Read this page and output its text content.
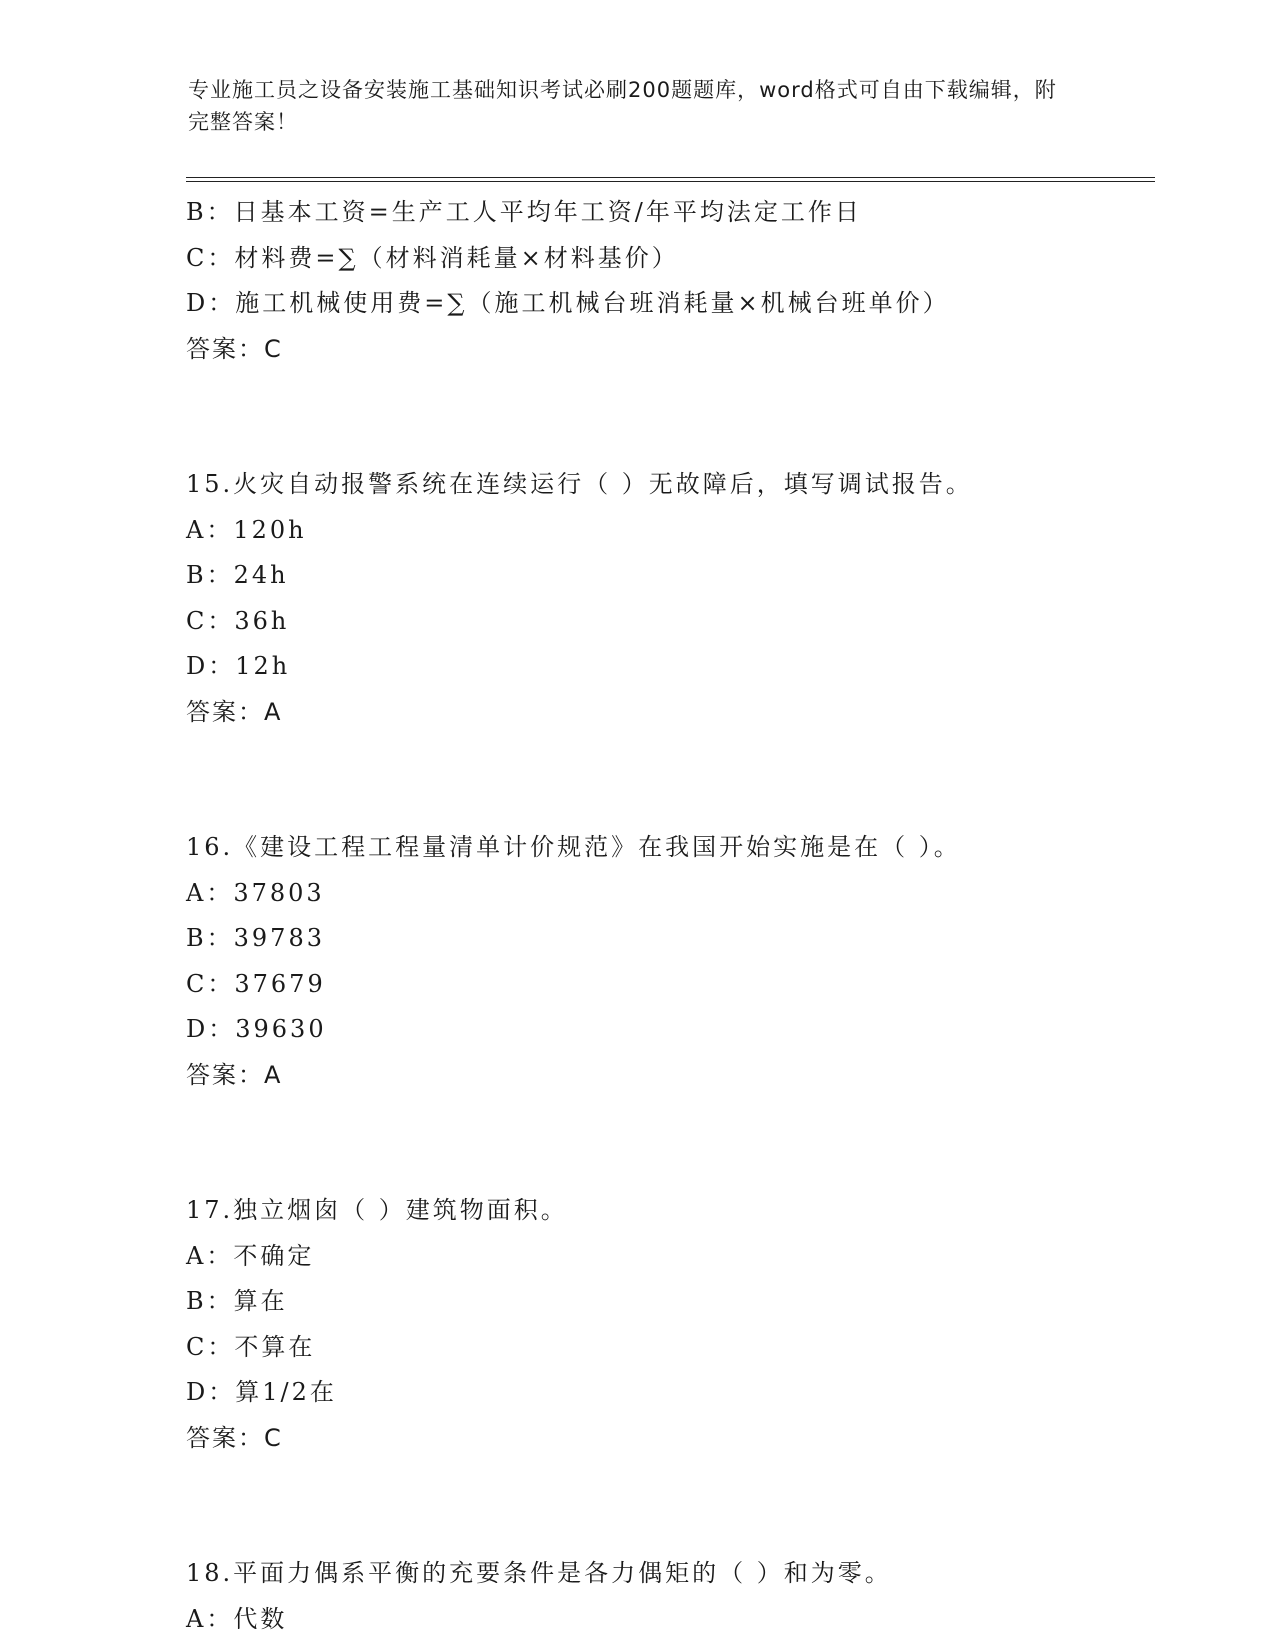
专业施工员之设备安装施工基础知识考试必刷200题题库，word格式可自由下载编辑，附完整答案！
B：日基本工资=生产工人平均年工资/年平均法定工作日
C：材料费=∑（材料消耗量×材料基价）
D：施工机械使用费=∑（施工机械台班消耗量×机械台班单价）
答案：C
15.火灾自动报警系统在连续运行（ ）无故障后，填写调试报告。
A：120h
B：24h
C：36h
D：12h
答案：A
16.《建设工程工程量清单计价规范》在我国开始实施是在（ ）。
A：37803
B：39783
C：37679
D：39630
答案：A
17.独立烟囱（ ）建筑物面积。
A：不确定
B：算在
C：不算在
D：算1/2在
答案：C
18.平面力偶系平衡的充要条件是各力偶矩的（ ）和为零。
A：代数
